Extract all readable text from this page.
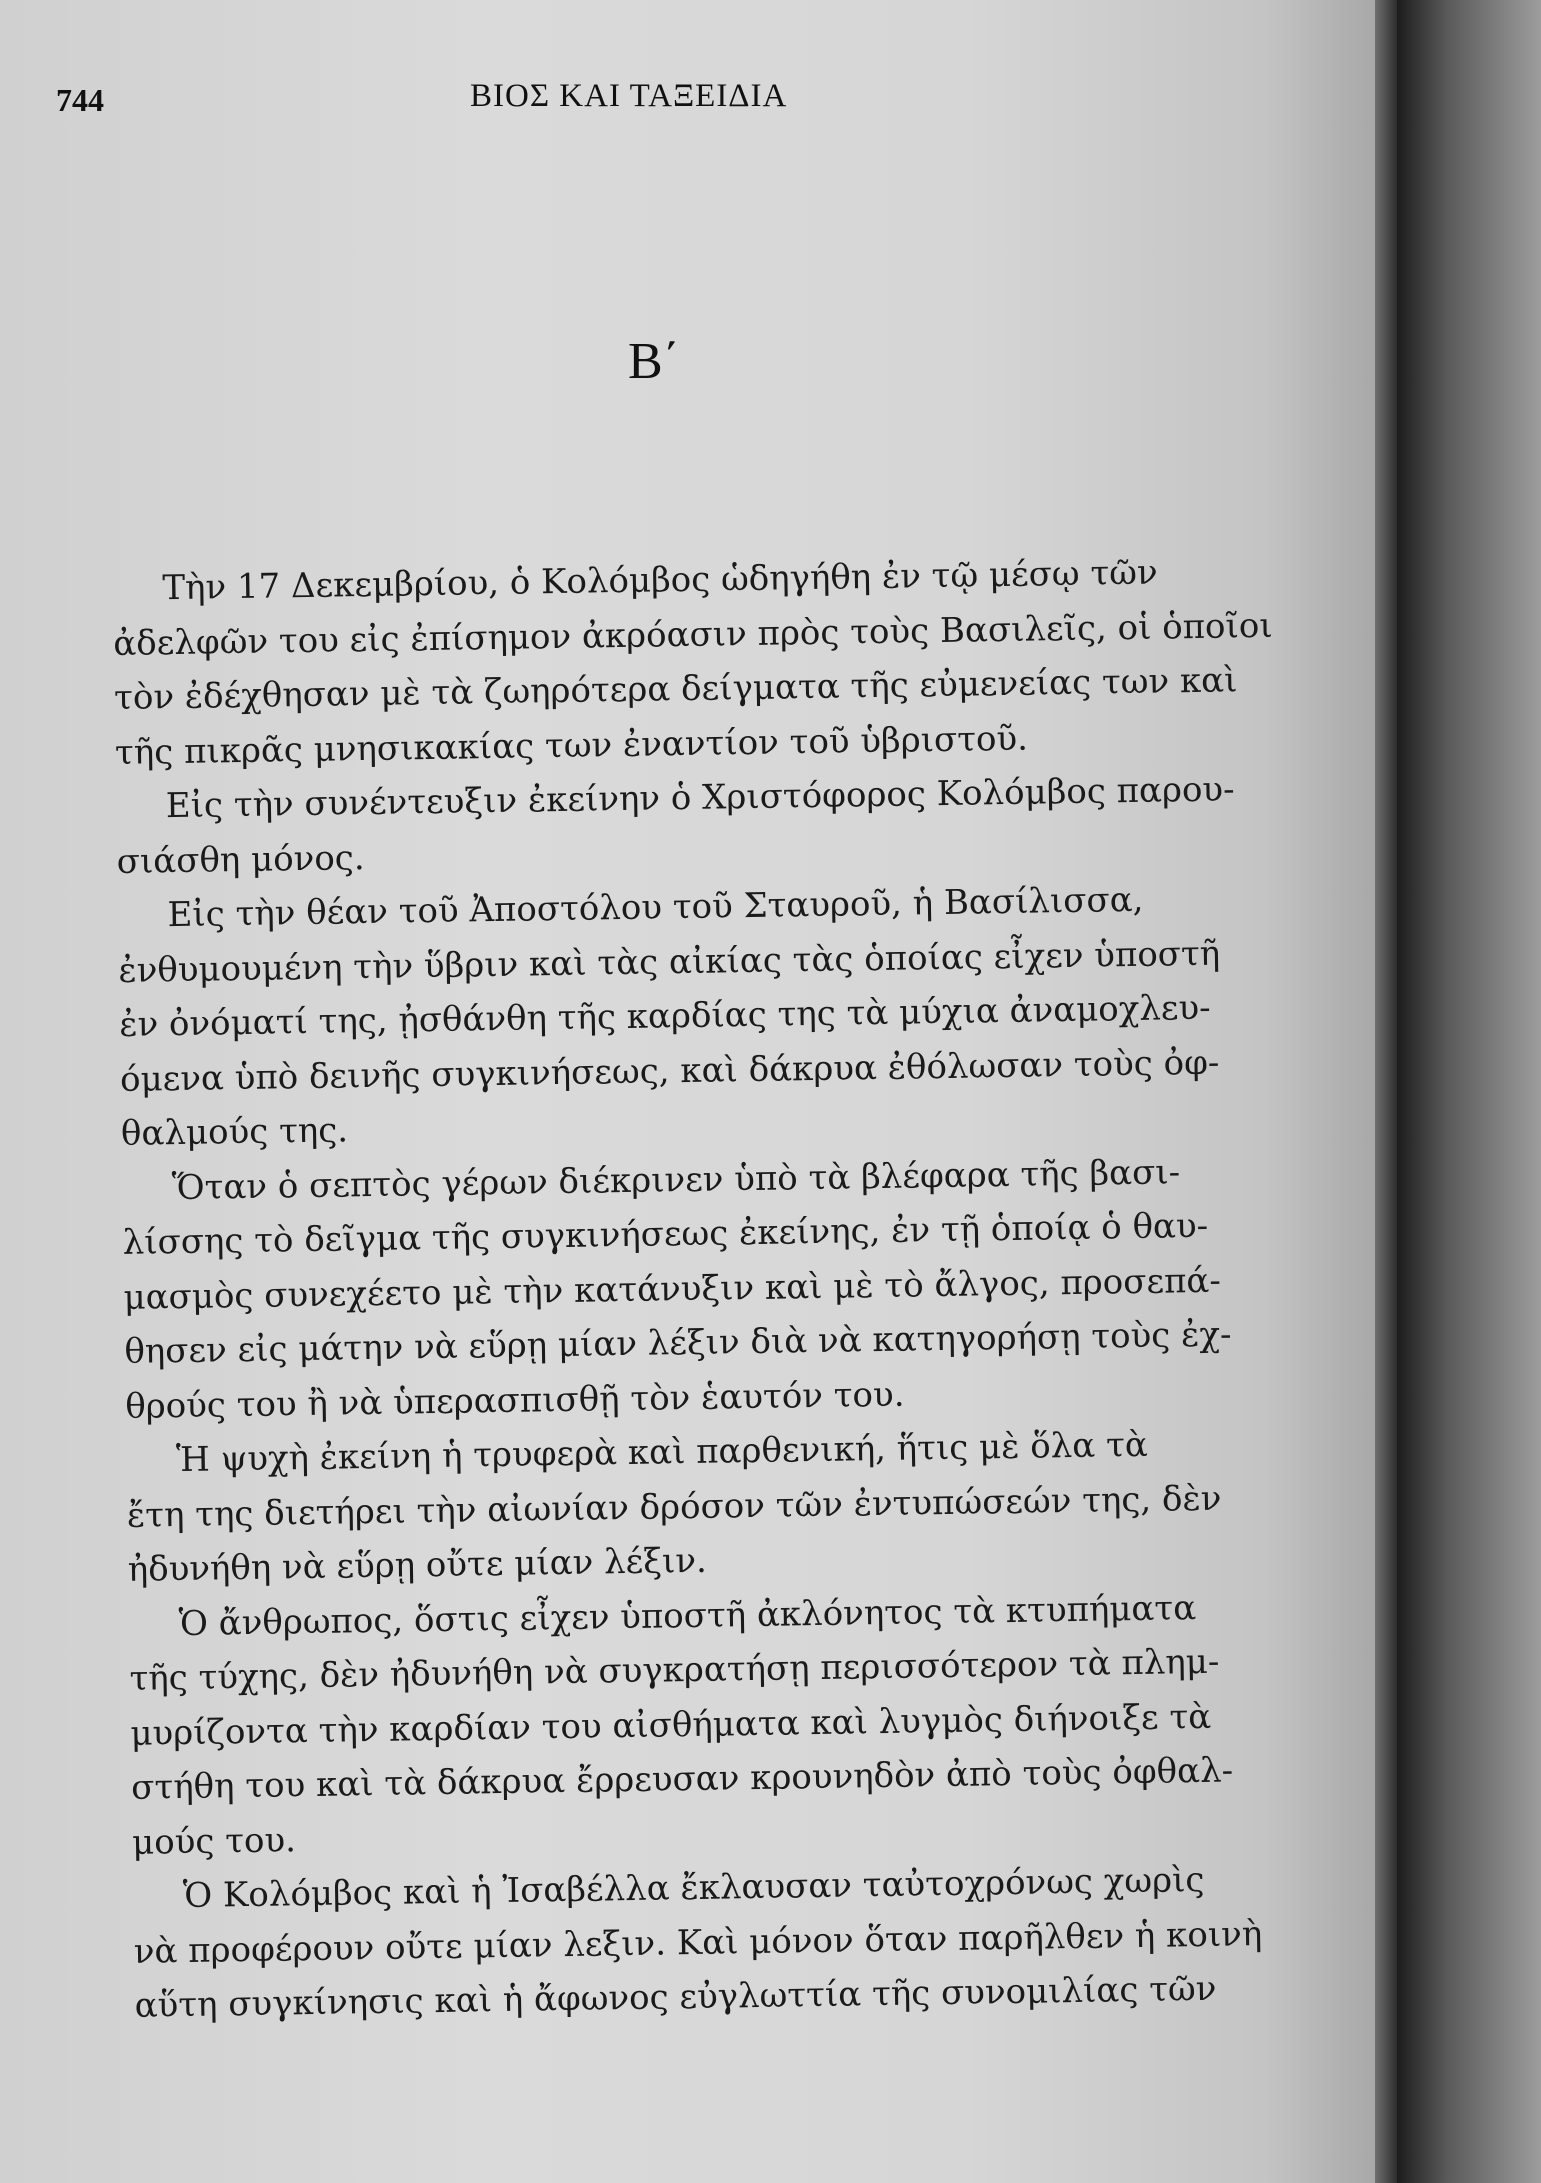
744	ΒΙΟΣ ΚΑΙ ΤΑΞΕΙΔΙΑ
Β΄
Τὴν 17 Δεκεμβρίου, ὁ Κολόμβος ὡδηγήθη ἐν τῷ μέσῳ τῶν
ἀδελφῶν του εἰς ἐπίσημον ἀκρόασιν πρὸς τοὺς Βασιλεῖς, οἱ ὁποῖοι
τὸν ἐδέχθησαν μὲ τὰ ζωηρότερα δείγματα τῆς εὐμενείας των καὶ
τῆς πικρᾶς μνησικακίας των ἐναντίον τοῦ ὑβριστοῦ.
Εἰς τὴν συνέντευξιν ἐκείνην ὁ Χριστόφορος Κολόμβος παρου-
σιάσθη μόνος.
Εἰς τὴν θέαν τοῦ Ἀποστόλου τοῦ Σταυροῦ, ἡ Βασίλισσα,
ἐνθυμουμένη τὴν ὕβριν καὶ τὰς αἰκίας τὰς ὁποίας εἶχεν ὑποστῆ
ἐν ὀνόματί της, ᾐσθάνθη τῆς καρδίας της τὰ μύχια ἀναμοχλευ-
όμενα ὑπὸ δεινῆς συγκινήσεως, καὶ δάκρυα ἐθόλωσαν τοὺς ὀφ-
θαλμούς της.
Ὅταν ὁ σεπτὸς γέρων διέκρινεν ὑπὸ τὰ βλέφαρα τῆς βασι-
λίσσης τὸ δεῖγμα τῆς συγκινήσεως ἐκείνης, ἐν τῇ ὁποίᾳ ὁ θαυ-
μασμὸς συνεχέετο μὲ τὴν κατάνυξιν καὶ μὲ τὸ ἄλγος, προσεπά-
θησεν εἰς μάτην νὰ εὕρῃ μίαν λέξιν διὰ νὰ κατηγορήσῃ τοὺς ἐχ-
θρούς του ἢ νὰ ὑπερασπισθῇ τὸν ἑαυτόν του.
Ἡ ψυχὴ ἐκείνη ἡ τρυφερὰ καὶ παρθενική, ἥτις μὲ ὅλα τὰ
ἔτη της διετήρει τὴν αἰωνίαν δρόσον τῶν ἐντυπώσεών της, δὲν
ἠδυνήθη νὰ εὕρῃ οὔτε μίαν λέξιν.
Ὁ ἄνθρωπος, ὅστις εἶχεν ὑποστῆ ἀκλόνητος τὰ κτυπήματα
τῆς τύχης, δὲν ἠδυνήθη νὰ συγκρατήσῃ περισσότερον τὰ πλημ-
μυρίζοντα τὴν καρδίαν του αἰσθήματα καὶ λυγμὸς διήνοιξε τὰ
στήθη του καὶ τὰ δάκρυα ἔρρευσαν κρουνηδὸν ἀπὸ τοὺς ὀφθαλ-
μούς του.
Ὁ Κολόμβος καὶ ἡ Ἰσαβέλλα ἔκλαυσαν ταὐτοχρόνως χωρὶς
νὰ προφέρουν οὔτε μίαν λεξιν. Καὶ μόνον ὅταν παρῆλθεν ἡ κοινὴ
αὕτη συγκίνησις καὶ ἡ ἄφωνος εὐγλωττία τῆς συνομιλίας τῶν
